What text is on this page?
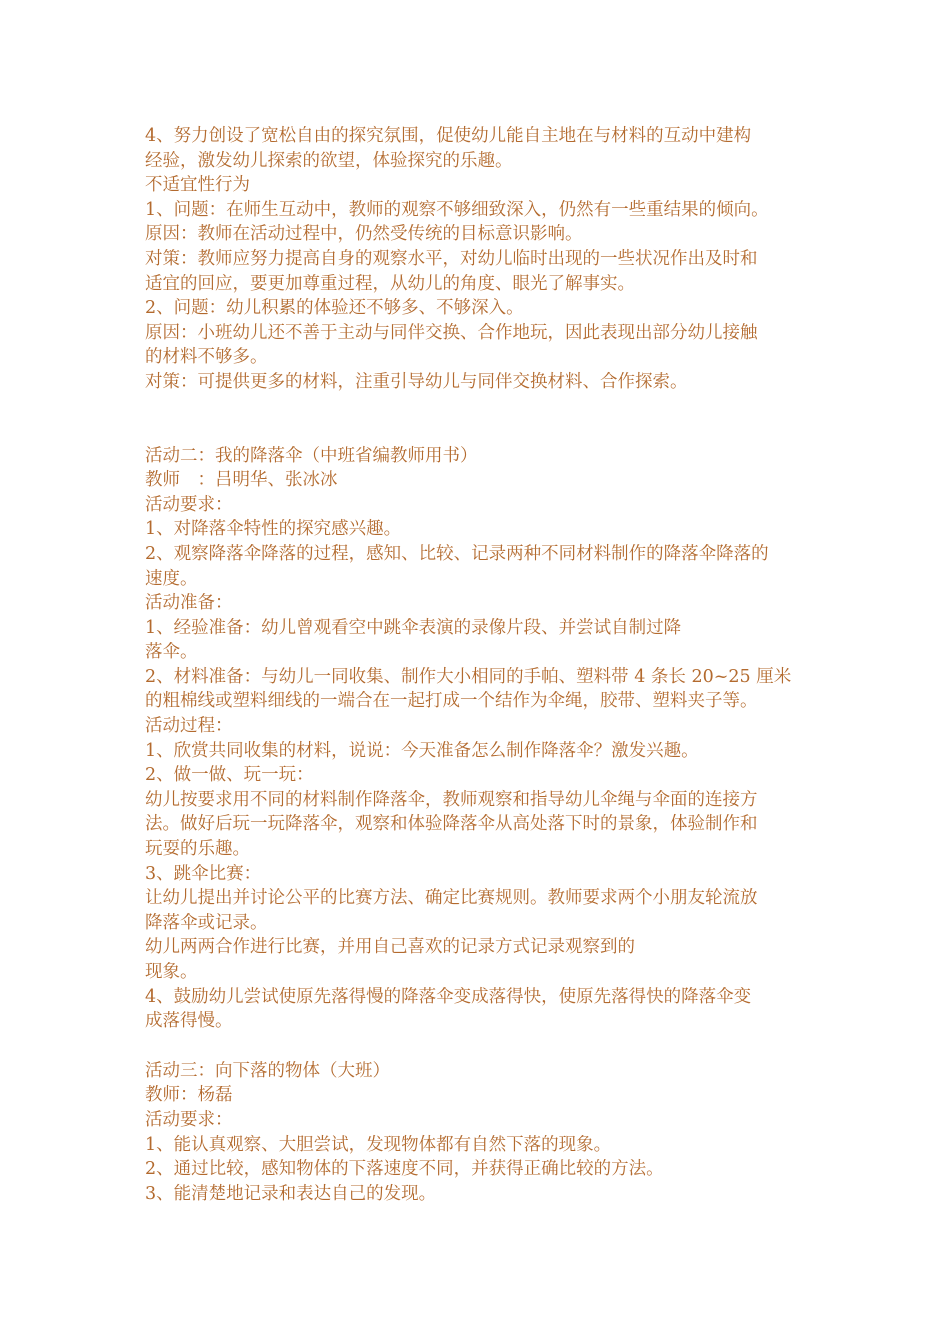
4、努力创设了宽松自由的探究氛围，促使幼儿能自主地在与材料的互动中建构
经验，激发幼儿探索的欲望，体验探究的乐趣。
不适宜性行为
1、问题：在师生互动中，教师的观察不够细致深入，仍然有一些重结果的倾向。
原因：教师在活动过程中，仍然受传统的目标意识影响。
对策：教师应努力提高自身的观察水平，对幼儿临时出现的一些状况作出及时和
适宜的回应，要更加尊重过程，从幼儿的角度、眼光了解事实。
2、问题：幼儿积累的体验还不够多、不够深入。
原因：小班幼儿还不善于主动与同伴交换、合作地玩，因此表现出部分幼儿接触
的材料不够多。
对策：可提供更多的材料，注重引导幼儿与同伴交换材料、合作探索。
活动二：我的降落伞（中班省编教师用书）
教师　：吕明华、张冰冰
活动要求：
1、对降落伞特性的探究感兴趣。
2、观察降落伞降落的过程，感知、比较、记录两种不同材料制作的降落伞降落的
速度。
活动准备：
1、经验准备：幼儿曾观看空中跳伞表演的录像片段、并尝试自制过降
落伞。
2、材料准备：与幼儿一同收集、制作大小相同的手帕、塑料带 4 条长 20~25 厘米
的粗棉线或塑料细线的一端合在一起打成一个结作为伞绳，胶带、塑料夹子等。
活动过程：
1、欣赏共同收集的材料，说说：今天准备怎么制作降落伞？激发兴趣。
2、做一做、玩一玩：
幼儿按要求用不同的材料制作降落伞，教师观察和指导幼儿伞绳与伞面的连接方
法。做好后玩一玩降落伞，观察和体验降落伞从高处落下时的景象，体验制作和
玩耍的乐趣。
3、跳伞比赛：
让幼儿提出并讨论公平的比赛方法、确定比赛规则。教师要求两个小朋友轮流放
降落伞或记录。
幼儿两两合作进行比赛，并用自己喜欢的记录方式记录观察到的
现象。
4、鼓励幼儿尝试使原先落得慢的降落伞变成落得快，使原先落得快的降落伞变
成落得慢。
活动三：向下落的物体（大班）
教师：杨磊
活动要求：
1、能认真观察、大胆尝试，发现物体都有自然下落的现象。
2、通过比较，感知物体的下落速度不同，并获得正确比较的方法。
3、能清楚地记录和表达自己的发现。
